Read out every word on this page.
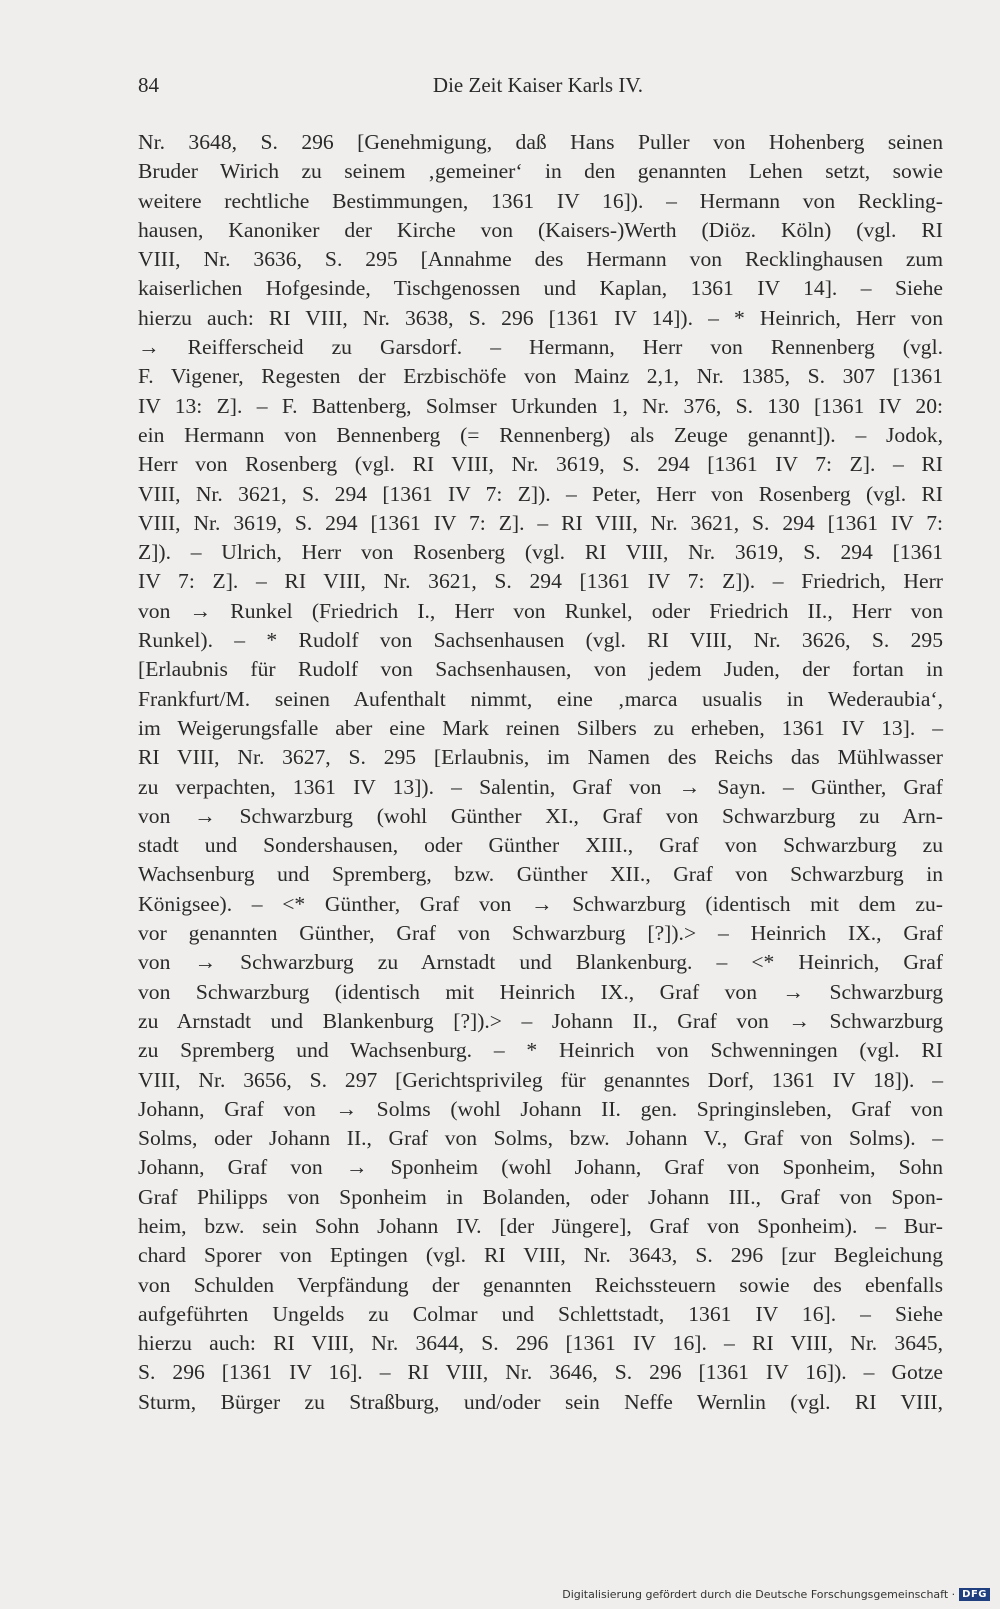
84	Die Zeit Kaiser Karls IV.
Nr. 3648, S. 296 [Genehmigung, daß Hans Puller von Hohenberg seinen
Bruder Wirich zu seinem ‚gemeiner‘ in den genannten Lehen setzt, sowie
weitere rechtliche Bestimmungen, 1361 IV 16]). – Hermann von Reckling-
hausen, Kanoniker der Kirche von (Kaisers-)Werth (Diöz. Köln) (vgl. RI
VIII, Nr. 3636, S. 295 [Annahme des Hermann von Recklinghausen zum
kaiserlichen Hofgesinde, Tischgenossen und Kaplan, 1361 IV 14]. – Siehe
hierzu auch: RI VIII, Nr. 3638, S. 296 [1361 IV 14]). – * Heinrich, Herr von
→ Reifferscheid zu Garsdorf. – Hermann, Herr von Rennenberg (vgl.
F. Vigener, Regesten der Erzbischöfe von Mainz 2,1, Nr. 1385, S. 307 [1361
IV 13: Z]. – F. Battenberg, Solmser Urkunden 1, Nr. 376, S. 130 [1361 IV 20:
ein Hermann von Bennenberg (= Rennenberg) als Zeuge genannt]). – Jodok,
Herr von Rosenberg (vgl. RI VIII, Nr. 3619, S. 294 [1361 IV 7: Z]. – RI
VIII, Nr. 3621, S. 294 [1361 IV 7: Z]). – Peter, Herr von Rosenberg (vgl. RI
VIII, Nr. 3619, S. 294 [1361 IV 7: Z]. – RI VIII, Nr. 3621, S. 294 [1361 IV 7:
Z]). – Ulrich, Herr von Rosenberg (vgl. RI VIII, Nr. 3619, S. 294 [1361
IV 7: Z]. – RI VIII, Nr. 3621, S. 294 [1361 IV 7: Z]). – Friedrich, Herr
von → Runkel (Friedrich I., Herr von Runkel, oder Friedrich II., Herr von
Runkel). – * Rudolf von Sachsenhausen (vgl. RI VIII, Nr. 3626, S. 295
[Erlaubnis für Rudolf von Sachsenhausen, von jedem Juden, der fortan in
Frankfurt/M. seinen Aufenthalt nimmt, eine ‚marca usualis in Wederaubia‘,
im Weigerungsfalle aber eine Mark reinen Silbers zu erheben, 1361 IV 13]. –
RI VIII, Nr. 3627, S. 295 [Erlaubnis, im Namen des Reichs das Mühlwasser
zu verpachten, 1361 IV 13]). – Salentin, Graf von → Sayn. – Günther, Graf
von → Schwarzburg (wohl Günther XI., Graf von Schwarzburg zu Arn-
stadt und Sondershausen, oder Günther XIII., Graf von Schwarzburg zu
Wachsenburg und Spremberg, bzw. Günther XII., Graf von Schwarzburg in
Königsee). – <* Günther, Graf von → Schwarzburg (identisch mit dem zu-
vor genannten Günther, Graf von Schwarzburg [?]).> – Heinrich IX., Graf
von → Schwarzburg zu Arnstadt und Blankenburg. – <* Heinrich, Graf
von Schwarzburg (identisch mit Heinrich IX., Graf von → Schwarzburg
zu Arnstadt und Blankenburg [?]).> – Johann II., Graf von → Schwarzburg
zu Spremberg und Wachsenburg. – * Heinrich von Schwenningen (vgl. RI
VIII, Nr. 3656, S. 297 [Gerichtsprivileg für genanntes Dorf, 1361 IV 18]). –
Johann, Graf von → Solms (wohl Johann II. gen. Springinsleben, Graf von
Solms, oder Johann II., Graf von Solms, bzw. Johann V., Graf von Solms). –
Johann, Graf von → Sponheim (wohl Johann, Graf von Sponheim, Sohn
Graf Philipps von Sponheim in Bolanden, oder Johann III., Graf von Spon-
heim, bzw. sein Sohn Johann IV. [der Jüngere], Graf von Sponheim). – Bur-
chard Sporer von Eptingen (vgl. RI VIII, Nr. 3643, S. 296 [zur Begleichung
von Schulden Verpfändung der genannten Reichssteuern sowie des ebenfalls
aufgeführten Ungelds zu Colmar und Schlettstadt, 1361 IV 16]. – Siehe
hierzu auch: RI VIII, Nr. 3644, S. 296 [1361 IV 16]. – RI VIII, Nr. 3645,
S. 296 [1361 IV 16]. – RI VIII, Nr. 3646, S. 296 [1361 IV 16]). – Gotze
Sturm, Bürger zu Straßburg, und/oder sein Neffe Wernlin (vgl. RI VIII,
Digitalisierung gefördert durch die Deutsche Forschungsgemeinschaft · DFG
